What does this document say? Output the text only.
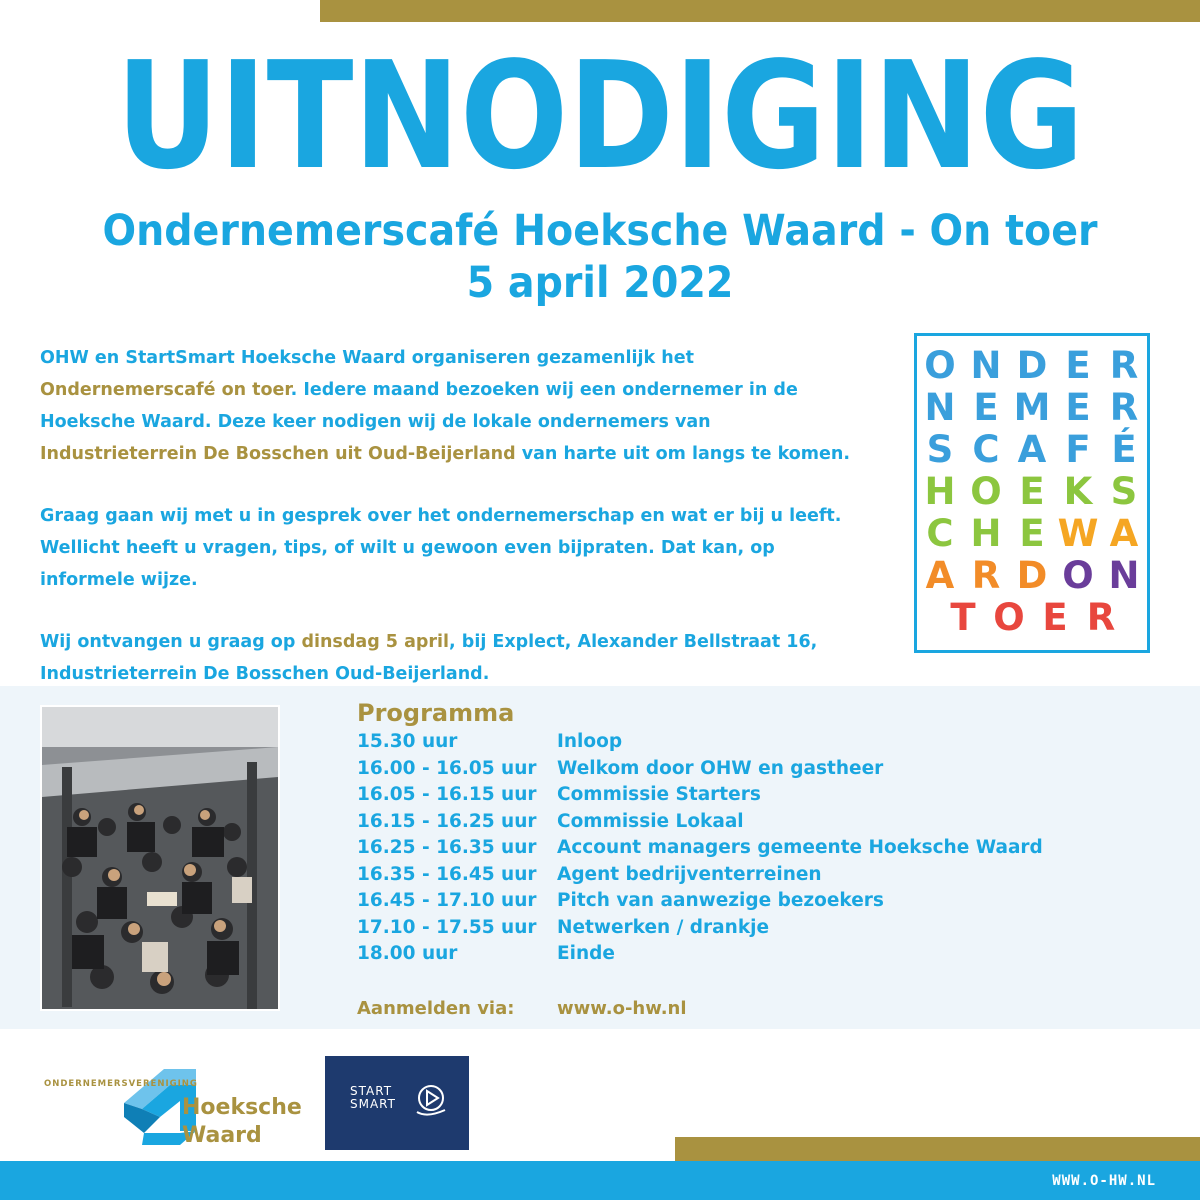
UITNODIGING
Ondernemerscafé Hoeksche Waard - On toer
5 april 2022

OHW en StartSmart Hoeksche Waard organiseren gezamenlijk het Ondernemerscafé on toer. Iedere maand bezoeken wij een ondernemer in de Hoeksche Waard. Deze keer nodigen wij de lokale ondernemers van Industrieterrein De Bosschen uit Oud-Beijerland van harte uit om langs te komen.

Graag gaan wij met u in gesprek over het ondernemerschap en wat er bij u leeft. Wellicht heeft u vragen, tips, of wilt u gewoon even bijpraten. Dat kan, op informele wijze.

Wij ontvangen u graag op dinsdag 5 april, bij Explect, Alexander Bellstraat 16, Industrieterrein De Bosschen Oud-Beijerland.

O N D E R
N E M E R
S C A F É
H O E K S
C H E W A
A R D O N
T O E R
Programma
15.30 uur	Inloop
16.00 - 16.05 uur	Welkom door OHW en gastheer
16.05 - 16.15 uur	Commissie Starters
16.15 - 16.25 uur	Commissie Lokaal
16.25 - 16.35 uur	Account managers gemeente Hoeksche Waard
16.35 - 16.45 uur	Agent bedrijventerreinen
16.45 - 17.10 uur	Pitch van aanwezige bezoekers
17.10 - 17.55 uur	Netwerken / drankje
18.00 uur	Einde
Aanmelden via: www.o-hw.nl
ONDERNEMERSVERENIGING
Hoeksche
Waard
START
SMART
WWW.O-HW.NL
